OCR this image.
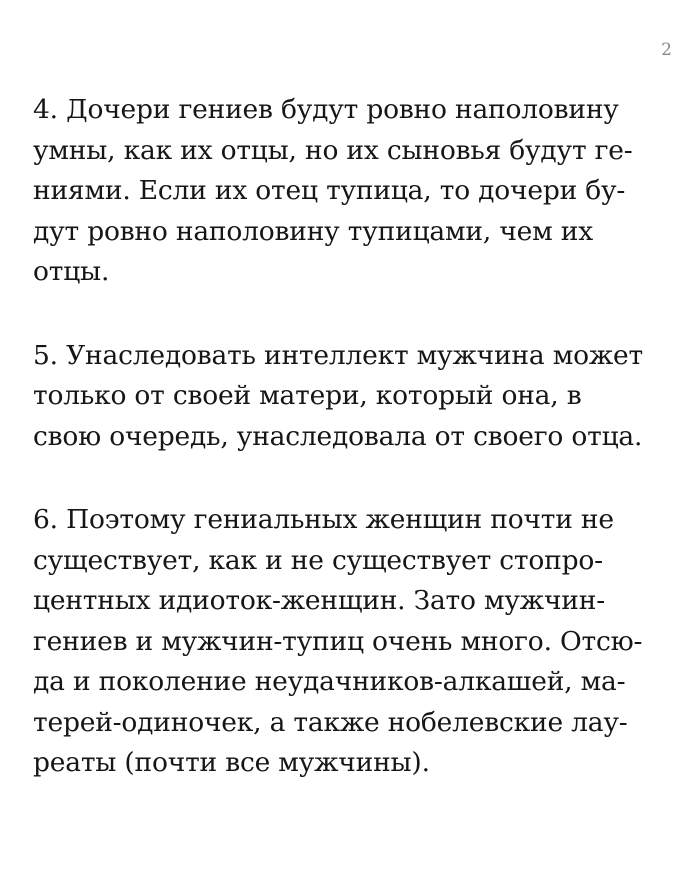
2

4. Дочери гениев будут ровно наполовину
умны, как их отцы, но их сыновья будут ге-
ниями. Если их отец тупица, то дочери бу-
дут ровно наполовину тупицами, чем их
отцы.

5. Унаследовать интеллект мужчина может
только от своей матери, который она, в
свою очередь, унаследовала от своего отца.

6. Поэтому гениальных женщин почти не
существует, как и не существует стопро-
центных идиоток-женщин. Зато мужчин-
гениев и мужчин-тупиц очень много. Отсю-
да и поколение неудачников-алкашей, ма-
терей-одиночек, а также нобелевские лау-
реаты (почти все мужчины).
